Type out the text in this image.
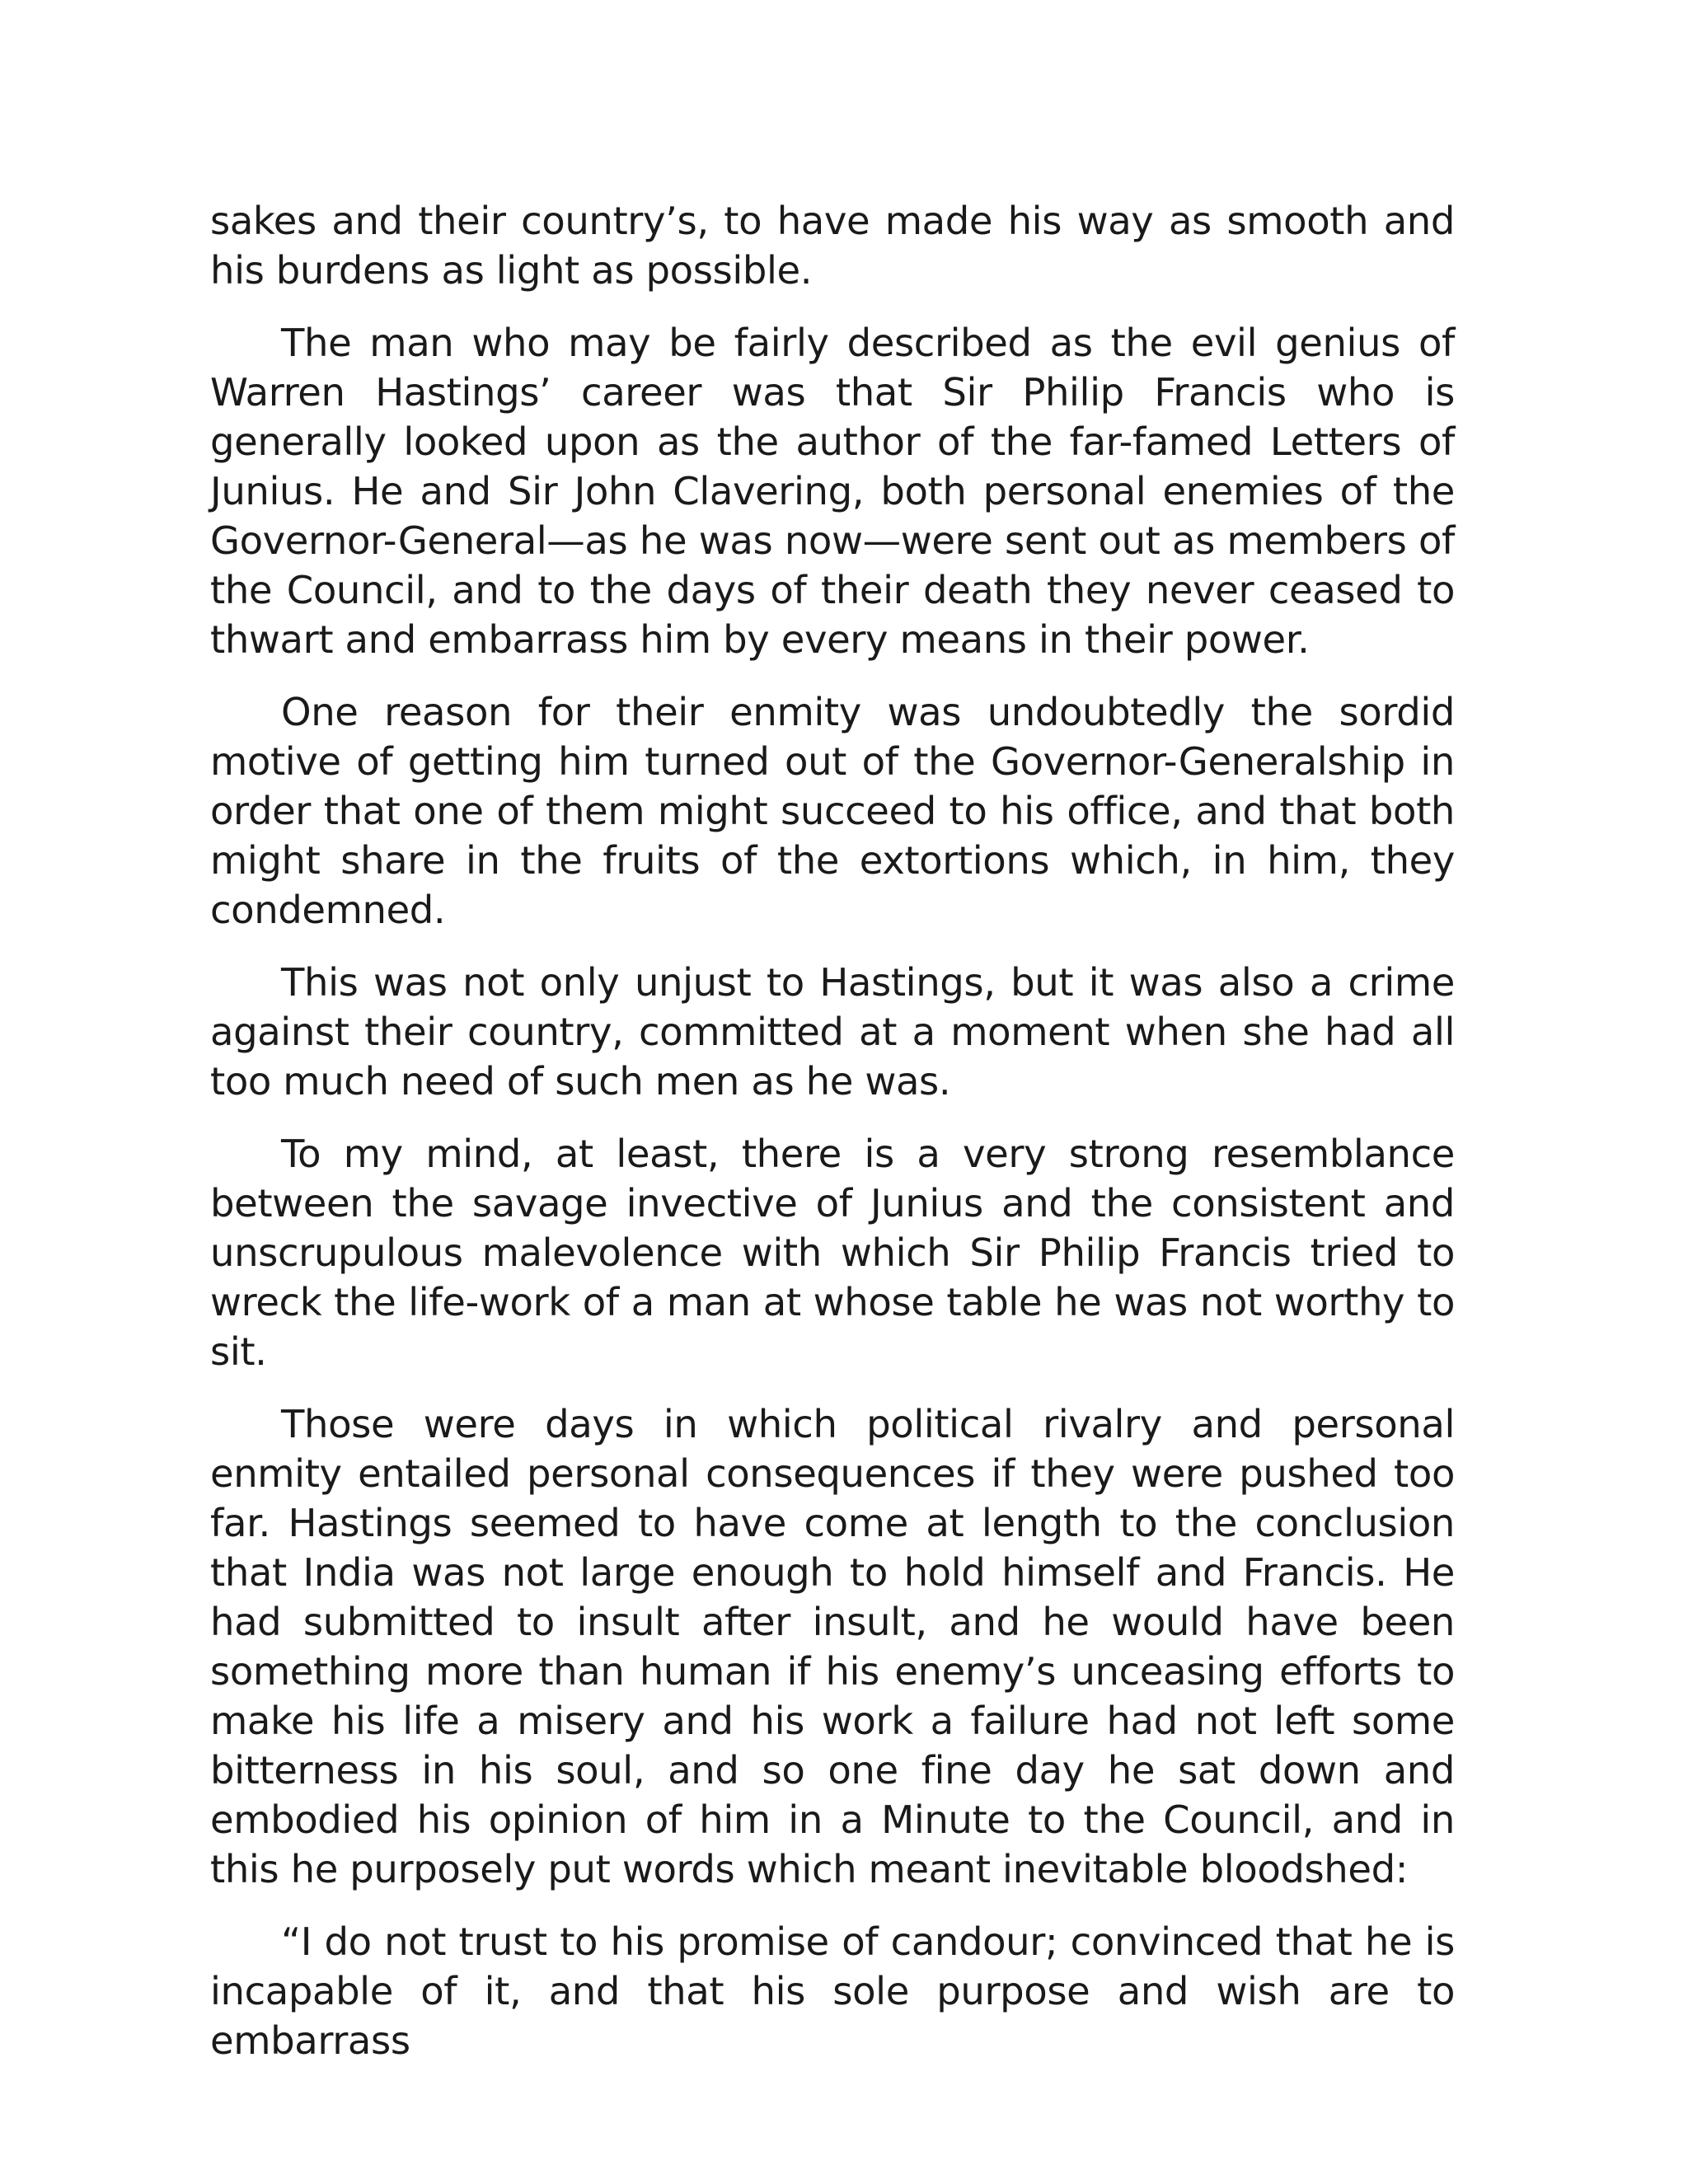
sakes and their country’s, to have made his way as smooth and his burdens as light as possible.

The man who may be fairly described as the evil genius of Warren Hastings’ career was that Sir Philip Francis who is generally looked upon as the author of the far-famed Letters of Junius. He and Sir John Clavering, both personal enemies of the Governor-General—as he was now—were sent out as members of the Council, and to the days of their death they never ceased to thwart and embarrass him by every means in their power.

One reason for their enmity was undoubtedly the sordid motive of getting him turned out of the Governor-Generalship in order that one of them might succeed to his office, and that both might share in the fruits of the extortions which, in him, they condemned.

This was not only unjust to Hastings, but it was also a crime against their country, committed at a moment when she had all too much need of such men as he was.

To my mind, at least, there is a very strong resemblance between the savage invective of Junius and the consistent and unscrupulous malevolence with which Sir Philip Francis tried to wreck the life-work of a man at whose table he was not worthy to sit.

Those were days in which political rivalry and personal enmity entailed personal consequences if they were pushed too far. Hastings seemed to have come at length to the conclusion that India was not large enough to hold himself and Francis. He had submitted to insult after insult, and he would have been something more than human if his enemy’s unceasing efforts to make his life a misery and his work a failure had not left some bitterness in his soul, and so one fine day he sat down and embodied his opinion of him in a Minute to the Council, and in this he purposely put words which meant inevitable bloodshed:

“I do not trust to his promise of candour; convinced that he is incapable of it, and that his sole purpose and wish are to embarrass
